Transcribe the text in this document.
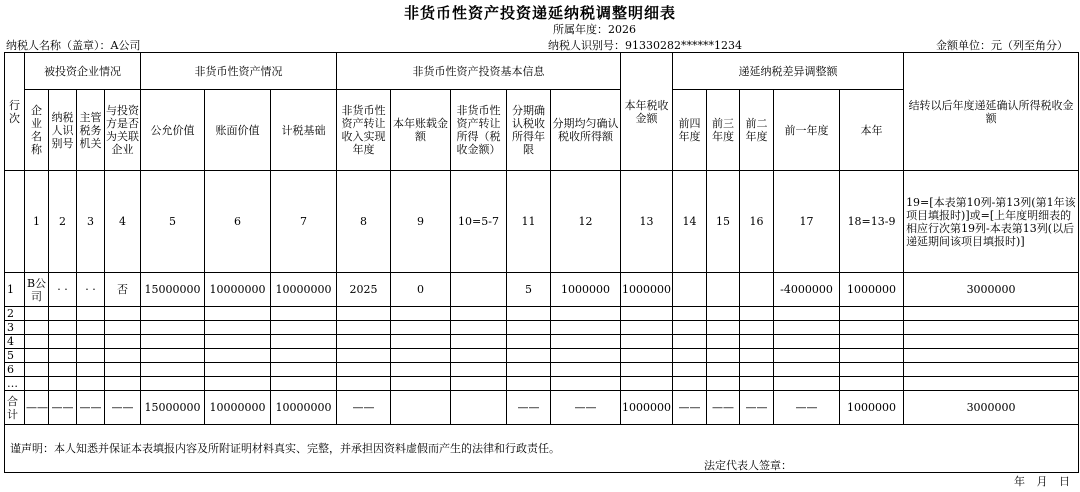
非货币性资产投资递延纳税调整明细表
所属年度：2026
纳税人名称（盖章）：A公司	纳税人识别号：91330282******1234	金额单位：元（列至角分）
行次	被投资企业情况				非货币性资产情况			非货币性资产投资基本信息					本年税收金额	递延纳税差异调整额					结转以后年度递延确认所得税收金额
	企业名称	纳税人识别号	主管税务机关	与投资方是否为关联企业	公允价值	账面价值	计税基础	非货币性资产转让收入实现年度	本年账载金额	非货币性资产转让所得（税收金额）	分期确认税收所得年限	分期均匀确认税收所得额		前四年度	前三年度	前二年度	前一年度	本年	
	1	2	3	4	5	6	7	8	9	10=5-7	11	12	13	14	15	16	17	18=13-9	19=[本表第10列-第13列(第1年该项目填报时)]或=[上年度明细表的相应行次第19列-本表第13列(以后递延期间该项目填报时)]
1	B公司	· ·	· ·	否	15000000	10000000	10000000	2025	0		5	1000000	1000000				-4000000	1000000	3000000
2																			
3																			
4																			
5																			
6																			
…																			
合计	——	——	——	——	15000000	10000000	10000000	——			——	——	1000000	——	——	——	——	1000000	3000000

谨声明：本人知悉并保证本表填报内容及所附证明材料真实、完整，并承担因资料虚假而产生的法律和行政责任。
法定代表人签章：
年 月 日
